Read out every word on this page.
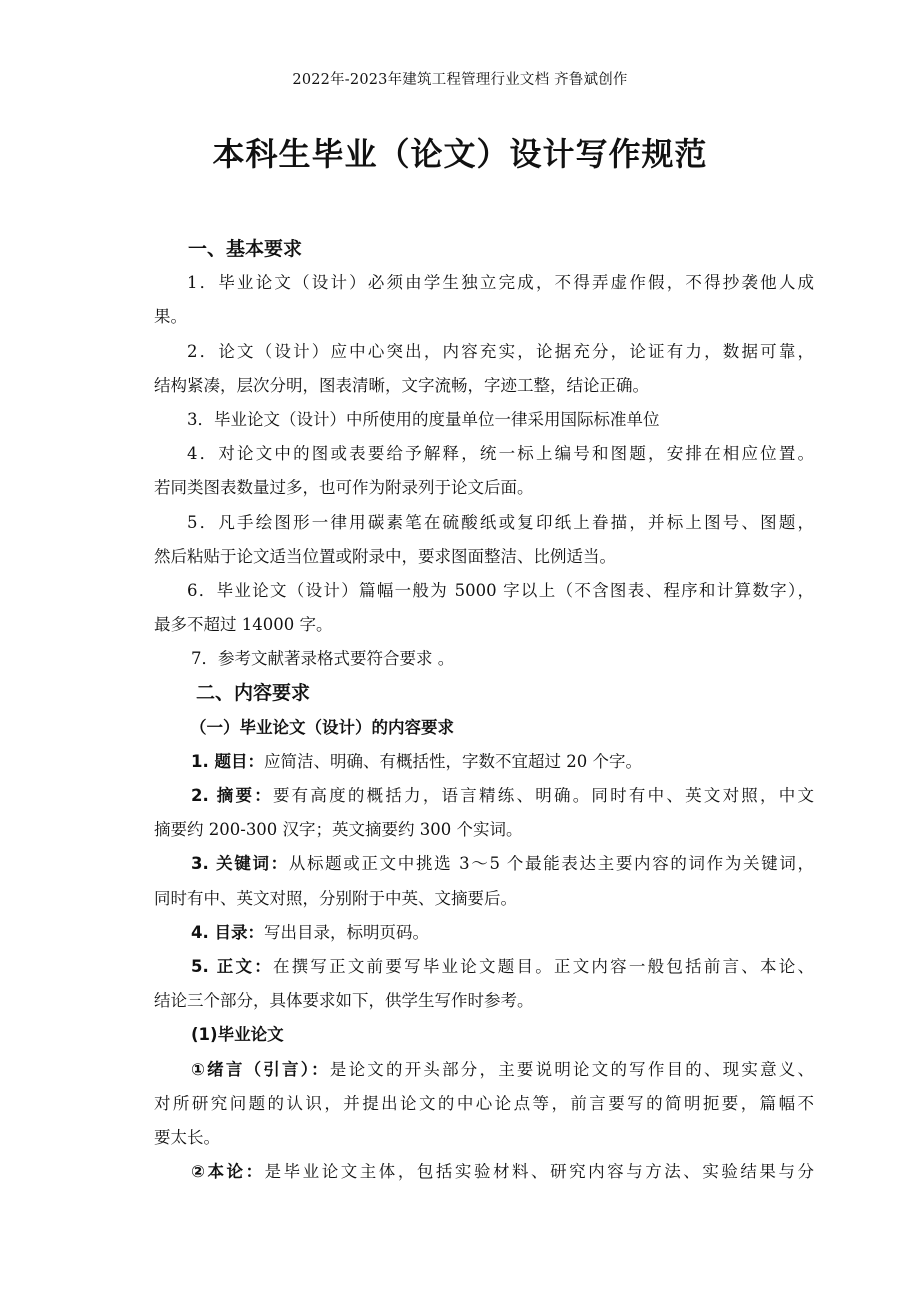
2022年-2023年建筑工程管理行业文档 齐鲁斌创作
本科生毕业（论文）设计写作规范
一、基本要求
1．毕业论文（设计）必须由学生独立完成，不得弄虚作假，不得抄袭他人成
果。
2．论文（设计）应中心突出，内容充实，论据充分，论证有力，数据可靠，
结构紧凑，层次分明，图表清晰，文字流畅，字迹工整，结论正确。
3．毕业论文（设计）中所使用的度量单位一律采用国际标准单位
4．对论文中的图或表要给予解释，统一标上编号和图题，安排在相应位置。
若同类图表数量过多，也可作为附录列于论文后面。
5．凡手绘图形一律用碳素笔在硫酸纸或复印纸上眷描，并标上图号、图题，
然后粘贴于论文适当位置或附录中，要求图面整洁、比例适当。
6．毕业论文（设计）篇幅一般为 5000 字以上（不含图表、程序和计算数字），
最多不超过 14000 字。
7．参考文献著录格式要符合要求 。
二、内容要求
（一）毕业论文（设计）的内容要求
1. 题目：应简洁、明确、有概括性，字数不宜超过 20 个字。
2. 摘要：要有高度的概括力，语言精练、明确。同时有中、英文对照，中文
摘要约 200-300 汉字；英文摘要约 300 个实词。
3. 关键词：从标题或正文中挑选 3～5 个最能表达主要内容的词作为关键词，
同时有中、英文对照，分别附于中英、文摘要后。
4. 目录：写出目录，标明页码。
5. 正文：在撰写正文前要写毕业论文题目。正文内容一般包括前言、本论、
结论三个部分，具体要求如下，供学生写作时参考。
(1)毕业论文
①绪言（引言）：是论文的开头部分，主要说明论文的写作目的、现实意义、
对所研究问题的认识，并提出论文的中心论点等，前言要写的简明扼要，篇幅不
要太长。
②本论：是毕业论文主体，包括实验材料、研究内容与方法、实验结果与分
